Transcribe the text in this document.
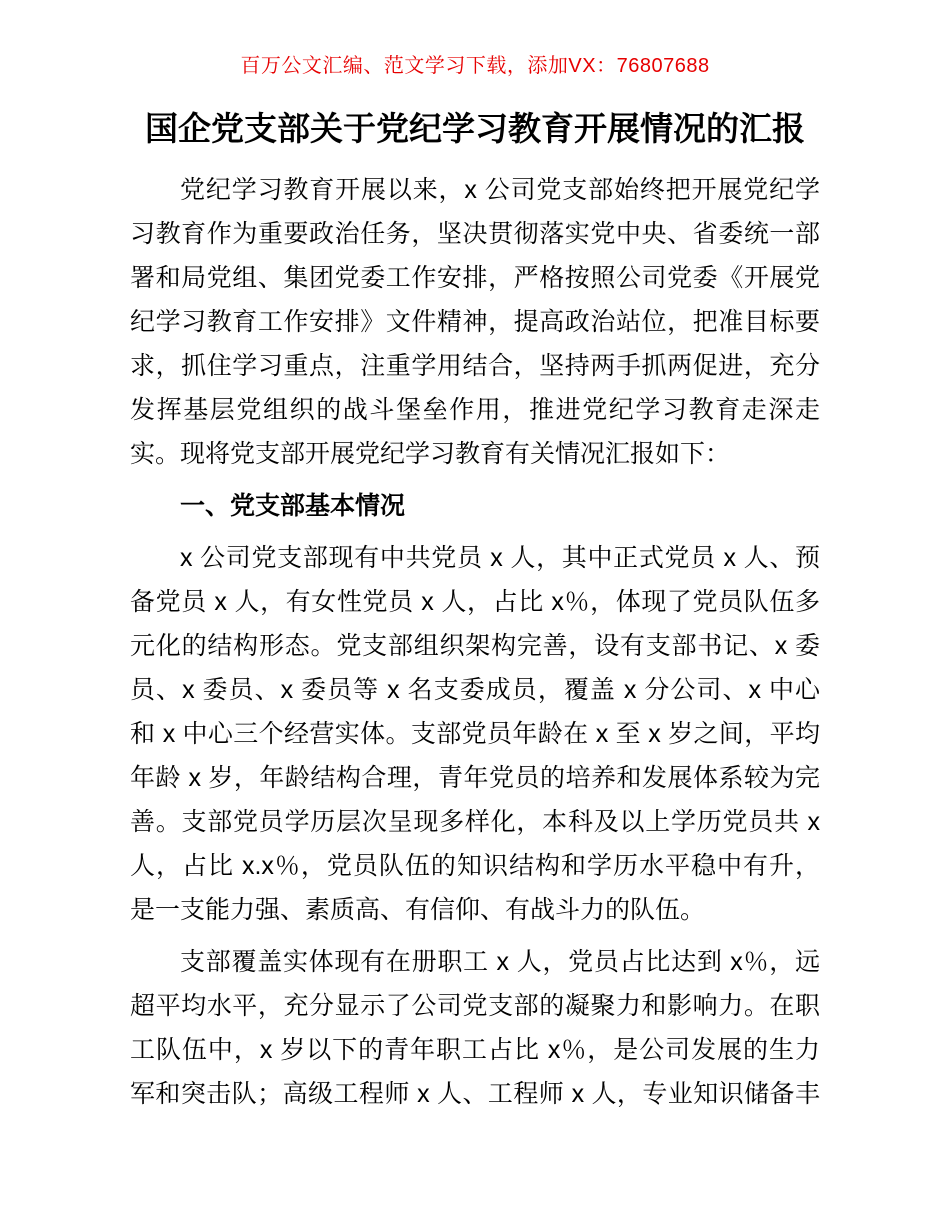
百万公文汇编、范文学习下载，添加VX：76807688
国企党支部关于党纪学习教育开展情况的汇报
党纪学习教育开展以来，x 公司党支部始终把开展党纪学
习教育作为重要政治任务，坚决贯彻落实党中央、省委统一部
署和局党组、集团党委工作安排，严格按照公司党委《开展党
纪学习教育工作安排》文件精神，提高政治站位，把准目标要
求，抓住学习重点，注重学用结合，坚持两手抓两促进，充分
发挥基层党组织的战斗堡垒作用，推进党纪学习教育走深走
实。现将党支部开展党纪学习教育有关情况汇报如下：
一、党支部基本情况
x 公司党支部现有中共党员 x 人，其中正式党员 x 人、预
备党员 x 人，有女性党员 x 人，占比 x％，体现了党员队伍多
元化的结构形态。党支部组织架构完善，设有支部书记、x 委
员、x 委员、x 委员等 x 名支委成员，覆盖 x 分公司、x 中心
和 x 中心三个经营实体。支部党员年龄在 x 至 x 岁之间，平均
年龄 x 岁，年龄结构合理，青年党员的培养和发展体系较为完
善。支部党员学历层次呈现多样化，本科及以上学历党员共 x
人，占比 x.x％，党员队伍的知识结构和学历水平稳中有升，
是一支能力强、素质高、有信仰、有战斗力的队伍。
支部覆盖实体现有在册职工 x 人，党员占比达到 x％，远
超平均水平，充分显示了公司党支部的凝聚力和影响力。在职
工队伍中，x 岁以下的青年职工占比 x％，是公司发展的生力
军和突击队；高级工程师 x 人、工程师 x 人，专业知识储备丰
